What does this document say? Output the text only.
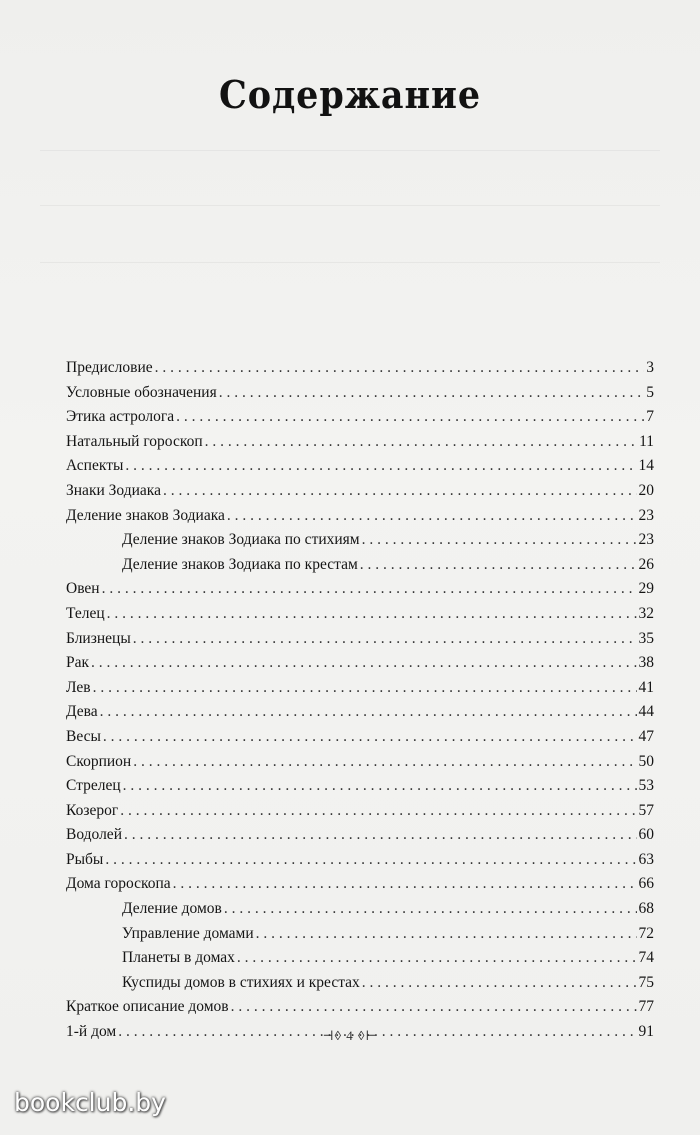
Содержание
Предисловие . . .	3
Условные обозначения . . .	5
Этика астролога . . .	7
Натальный гороскоп . . .	11
Аспекты . . .	14
Знаки Зодиака . . .	20
Деление знаков Зодиака . . .	23
Деление знаков Зодиака по стихиям . . .	23
Деление знаков Зодиака по крестам . . .	26
Овен . . .	29
Телец . . .	32
Близнецы . . .	35
Рак . . .	38
Лев . . .	41
Дева . . .	44
Весы . . .	47
Скорпион . . .	50
Стрелец . . .	53
Козерог . . .	57
Водолей . . .	60
Рыбы . . .	63
Дома гороскопа . . .	66
Деление домов . . .	68
Управление домами . . .	72
Планеты в домах . . .	74
Куспиды домов в стихиях и крестах . . .	75
Краткое описание домов . . .	77
1-й дом . . .	91
⊣◊ 4 ◊⊢
bookclub.by
